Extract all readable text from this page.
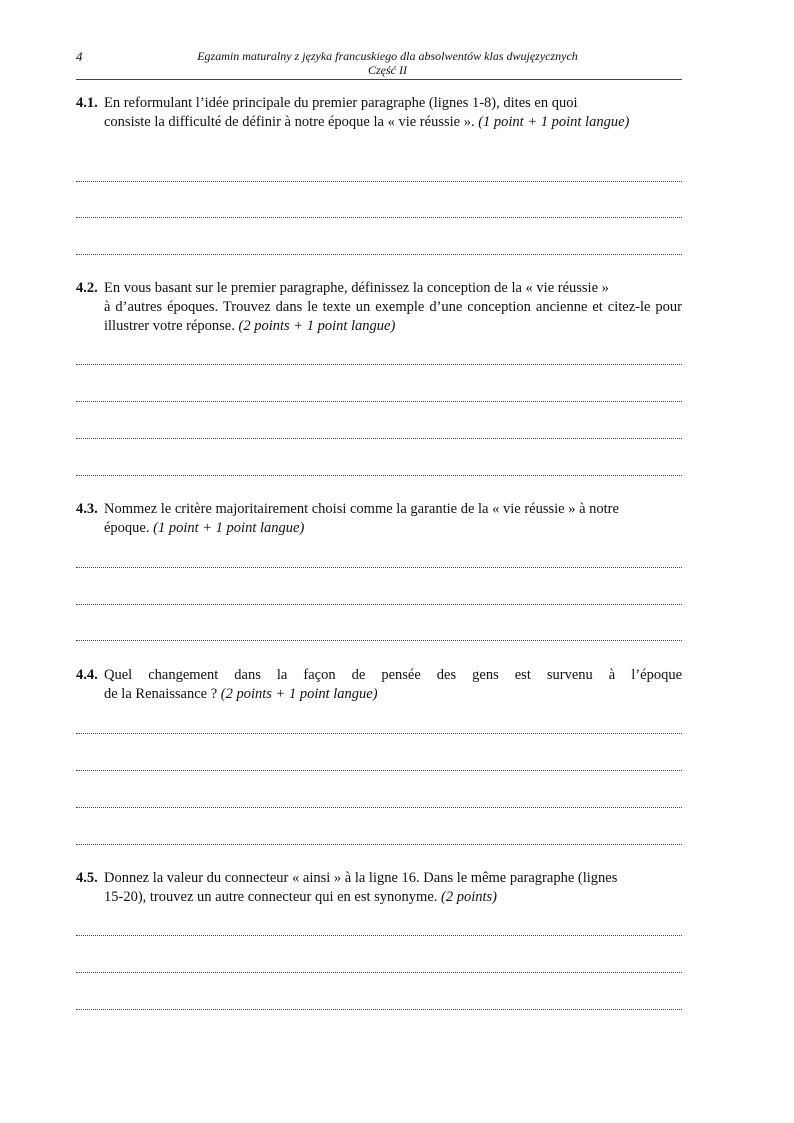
4	Egzamin maturalny z języka francuskiego dla absolwentów klas dwujęzycznych
Część II
4.1. En reformulant l’idée principale du premier paragraphe (lignes 1-8), dites en quoi
consiste la difficulté de définir à notre époque la « vie réussie ». (1 point + 1 point langue)
4.2. En vous basant sur le premier paragraphe, définissez la conception de la « vie réussie »
à d’autres époques. Trouvez dans le texte un exemple d’une conception ancienne et citez-le pour illustrer votre réponse. (2 points + 1 point langue)
4.3. Nommez le critère majoritairement choisi comme la garantie de la « vie réussie » à notre
époque. (1 point + 1 point langue)
4.4. Quel changement dans la façon de pensée des gens est survenu à l’époque
de la Renaissance ? (2 points + 1 point langue)
4.5. Donnez la valeur du connecteur « ainsi » à la ligne 16. Dans le même paragraphe (lignes
15-20), trouvez un autre connecteur qui en est synonyme. (2 points)
